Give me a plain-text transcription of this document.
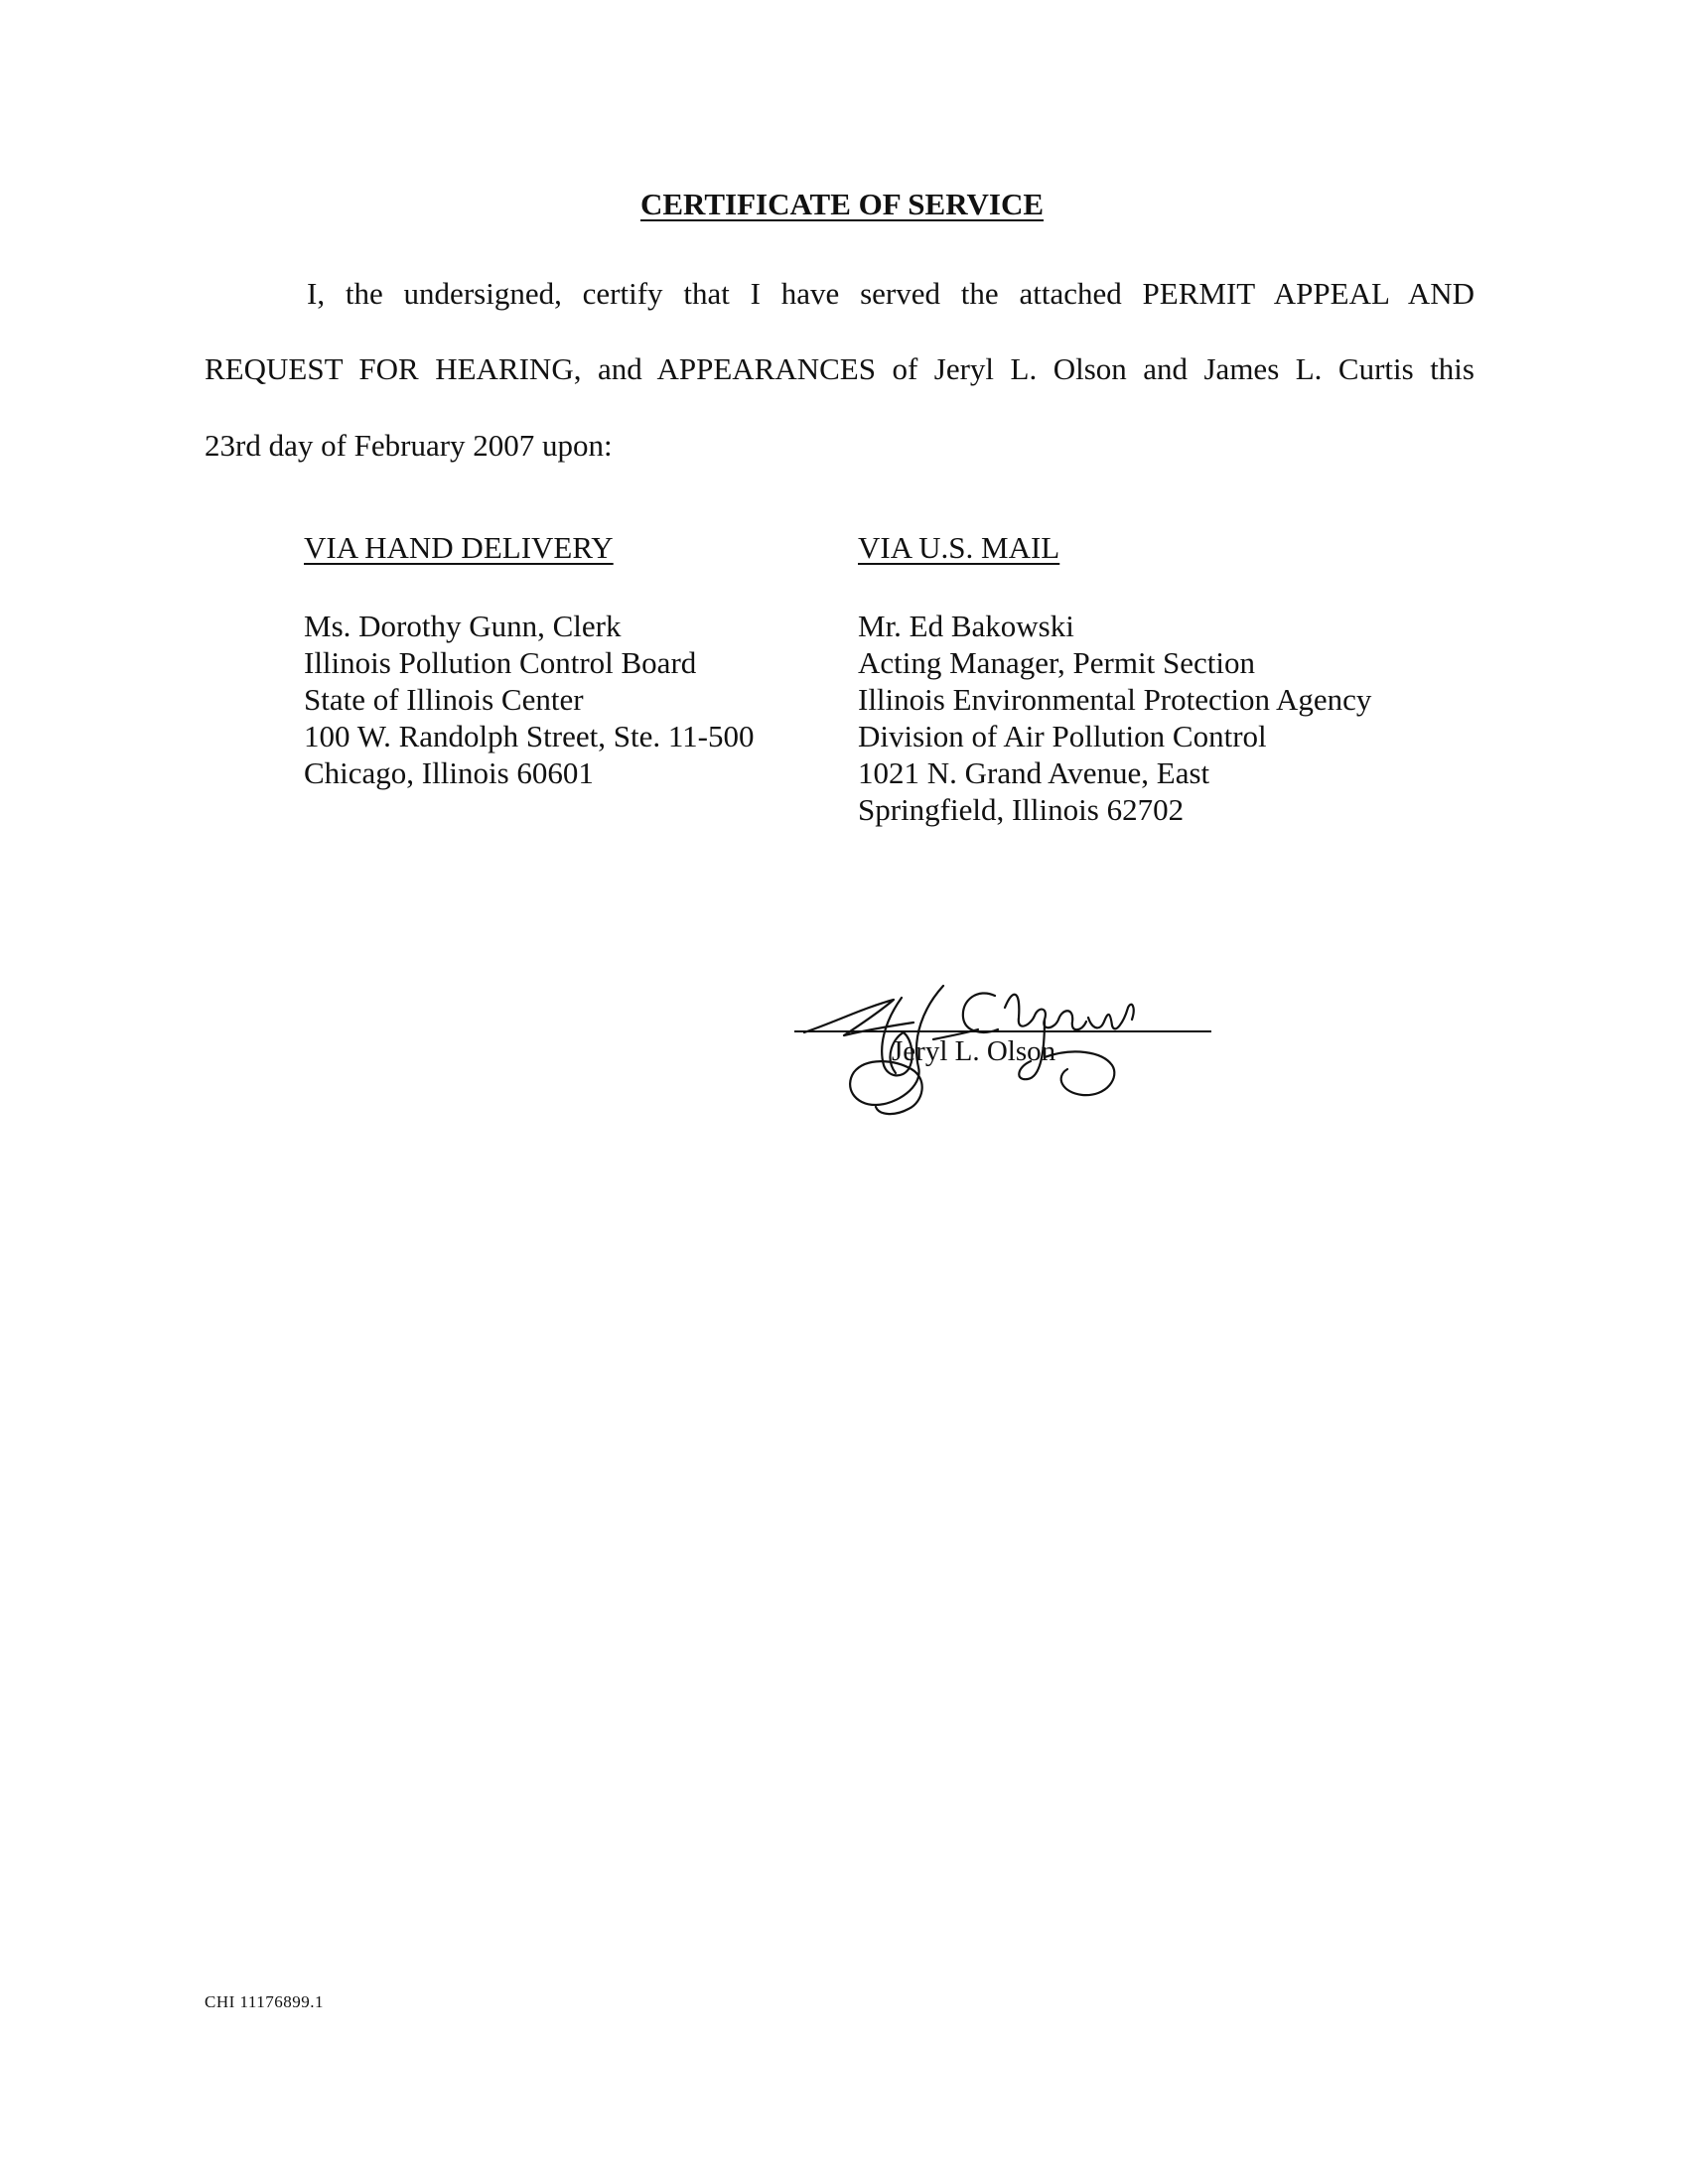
CERTIFICATE OF SERVICE
I, the undersigned, certify that I have served the attached PERMIT APPEAL AND
REQUEST FOR HEARING, and APPEARANCES of Jeryl L. Olson and James L. Curtis this
23rd day of February 2007 upon:
VIA HAND DELIVERY
Ms. Dorothy Gunn, Clerk
Illinois Pollution Control Board
State of Illinois Center
100 W. Randolph Street, Ste. 11-500
Chicago, Illinois 60601
VIA U.S. MAIL
Mr. Ed Bakowski
Acting Manager, Permit Section
Illinois Environmental Protection Agency
Division of Air Pollution Control
1021 N. Grand Avenue, East
Springfield, Illinois 62702
Jeryl L. Olson
CHI 11176899.1
